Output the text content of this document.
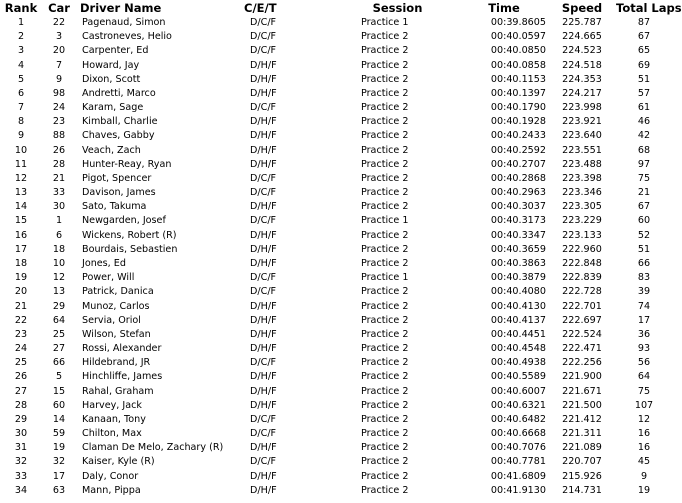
Rank	Car	Driver Name	C/E/T	Session	Time	Speed	Total Laps
1	22	Pagenaud, Simon	D/C/F	Practice 1	00:39.8605	225.787	87
2	3	Castroneves, Helio	D/C/F	Practice 2	00:40.0597	224.665	67
3	20	Carpenter, Ed	D/C/F	Practice 2	00:40.0850	224.523	65
4	7	Howard, Jay	D/H/F	Practice 2	00:40.0858	224.518	69
5	9	Dixon, Scott	D/H/F	Practice 2	00:40.1153	224.353	51
6	98	Andretti, Marco	D/H/F	Practice 2	00:40.1397	224.217	57
7	24	Karam, Sage	D/C/F	Practice 2	00:40.1790	223.998	61
8	23	Kimball, Charlie	D/H/F	Practice 2	00:40.1928	223.921	46
9	88	Chaves, Gabby	D/H/F	Practice 2	00:40.2433	223.640	42
10	26	Veach, Zach	D/H/F	Practice 2	00:40.2592	223.551	68
11	28	Hunter-Reay, Ryan	D/H/F	Practice 2	00:40.2707	223.488	97
12	21	Pigot, Spencer	D/C/F	Practice 2	00:40.2868	223.398	75
13	33	Davison, James	D/C/F	Practice 2	00:40.2963	223.346	21
14	30	Sato, Takuma	D/H/F	Practice 2	00:40.3037	223.305	67
15	1	Newgarden, Josef	D/C/F	Practice 1	00:40.3173	223.229	60
16	6	Wickens, Robert (R)	D/H/F	Practice 2	00:40.3347	223.133	52
17	18	Bourdais, Sebastien	D/H/F	Practice 2	00:40.3659	222.960	51
18	10	Jones, Ed	D/H/F	Practice 2	00:40.3863	222.848	66
19	12	Power, Will	D/C/F	Practice 1	00:40.3879	222.839	83
20	13	Patrick, Danica	D/C/F	Practice 2	00:40.4080	222.728	39
21	29	Munoz, Carlos	D/H/F	Practice 2	00:40.4130	222.701	74
22	64	Servia, Oriol	D/H/F	Practice 2	00:40.4137	222.697	17
23	25	Wilson, Stefan	D/H/F	Practice 2	00:40.4451	222.524	36
24	27	Rossi, Alexander	D/H/F	Practice 2	00:40.4548	222.471	93
25	66	Hildebrand, JR	D/C/F	Practice 2	00:40.4938	222.256	56
26	5	Hinchliffe, James	D/H/F	Practice 2	00:40.5589	221.900	64
27	15	Rahal, Graham	D/H/F	Practice 2	00:40.6007	221.671	75
28	60	Harvey, Jack	D/H/F	Practice 2	00:40.6321	221.500	107
29	14	Kanaan, Tony	D/C/F	Practice 2	00:40.6482	221.412	12
30	59	Chilton, Max	D/C/F	Practice 2	00:40.6668	221.311	16
31	19	Claman De Melo, Zachary (R)	D/H/F	Practice 2	00:40.7076	221.089	16
32	32	Kaiser, Kyle (R)	D/C/F	Practice 2	00:40.7781	220.707	45
33	17	Daly, Conor	D/H/F	Practice 2	00:41.6809	215.926	9
34	63	Mann, Pippa	D/H/F	Practice 2	00:41.9130	214.731	19
